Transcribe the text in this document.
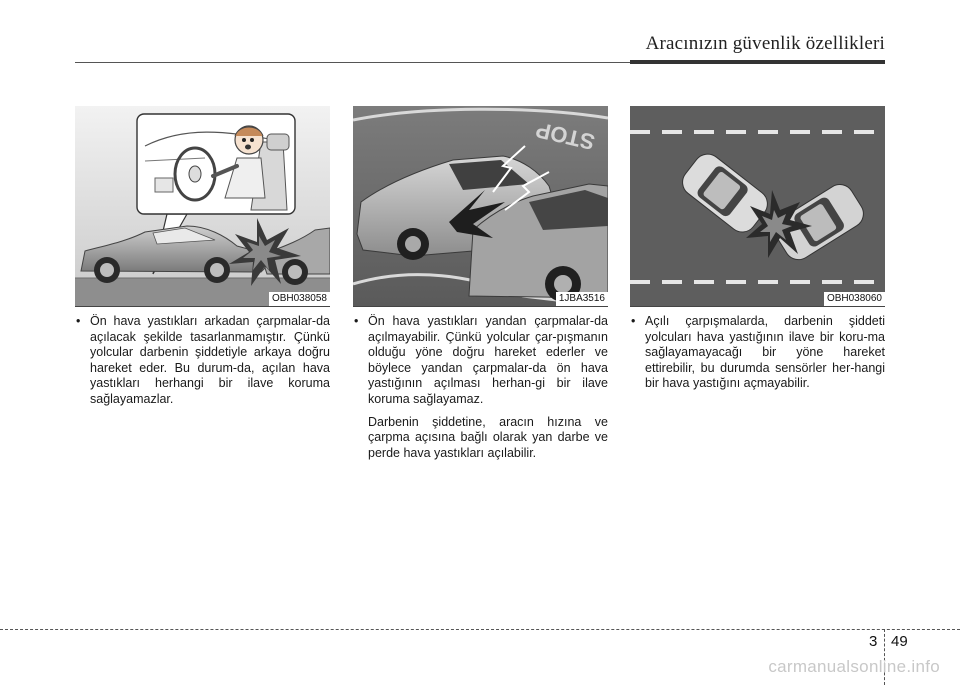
Aracınızın güvenlik özellikleri
OBH038058
STOP
1JBA3516	OBH038060

• Ön hava yastıkları arkadan çarpmalar-da açılacak şekilde tasarlanmamıştır. Çünkü yolcular darbenin şiddetiyle arkaya doğru hareket eder. Bu durum-da, açılan hava yastıkları herhangi bir ilave koruma sağlayamazlar.

• Ön hava yastıkları yandan çarpmalar-da açılmayabilir. Çünkü yolcular çar-pışmanın olduğu yöne doğru hareket ederler ve böylece yandan çarpmalar-da ön hava yastığının açılması herhan-gi bir ilave koruma sağlayamaz.

Darbenin şiddetine, aracın hızına ve çarpma açısına bağlı olarak yan darbe ve perde hava yastıkları açılabilir.

• Açılı çarpışmalarda, darbenin şiddeti yolcuları hava yastığının ilave bir koru-ma sağlayamayacağı bir yöne hareket ettirebilir, bu durumda sensörler her-hangi bir hava yastığını açmayabilir.

3 49
carmanualsonline.info
